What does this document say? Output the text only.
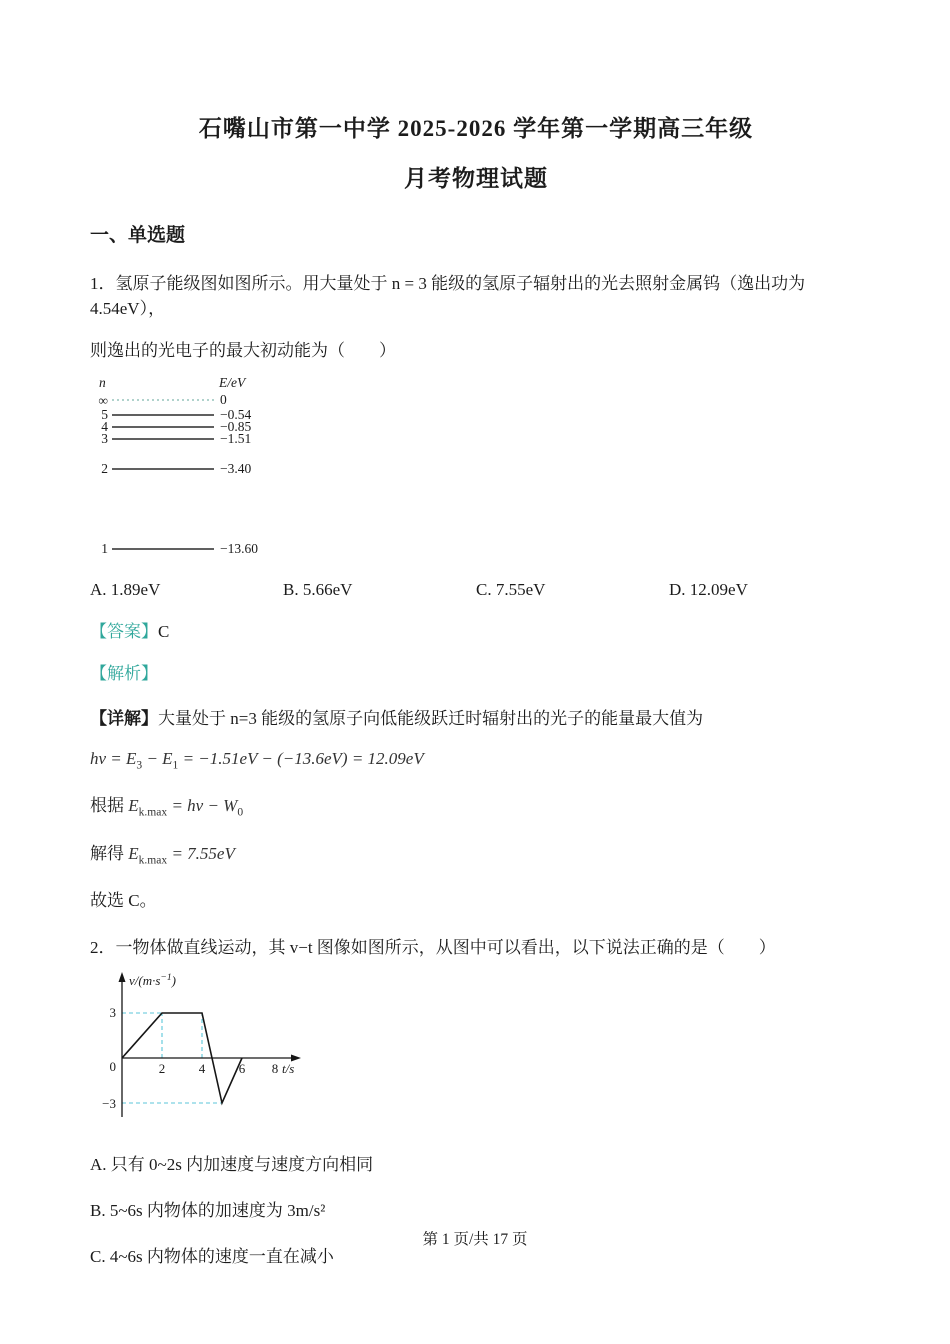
石嘴山市第一中学 2025-2026 学年第一学期高三年级
月考物理试题
一、单选题
1．氢原子能级图如图所示。用大量处于 n = 3 能级的氢原子辐射出的光去照射金属钨（逸出功为 4.54eV），
则逸出的光电子的最大初动能为（　　）
n	E/eV
∞	0
5	−0.54
4	−0.85
3	−1.51
2	−3.40
1	−13.60
A. 1.89eV	B. 5.66eV	C. 7.55eV	D. 12.09eV
【答案】C
【解析】
【详解】大量处于 n=3 能级的氢原子向低能级跃迁时辐射出的光子的能量最大值为
$h\nu = E_3 - E_1 = -1.51eV - (-13.6eV) = 12.09eV$
根据 $E_{k.max} = h\nu - W_0$
解得 $E_{k.max} = 7.55eV$
故选 C。
2．一物体做直线运动，其 v−t 图像如图所示，从图中可以看出，以下说法正确的是（　　）
$v/(m\cdot s^{-1})$
3
0
−3
2	4	6 8 t/s
A. 只有 0~2s 内加速度与速度方向相同
B. 5~6s 内物体的加速度为 3m/s²
C. 4~6s 内物体的速度一直在减小
第 1 页/共 17 页
